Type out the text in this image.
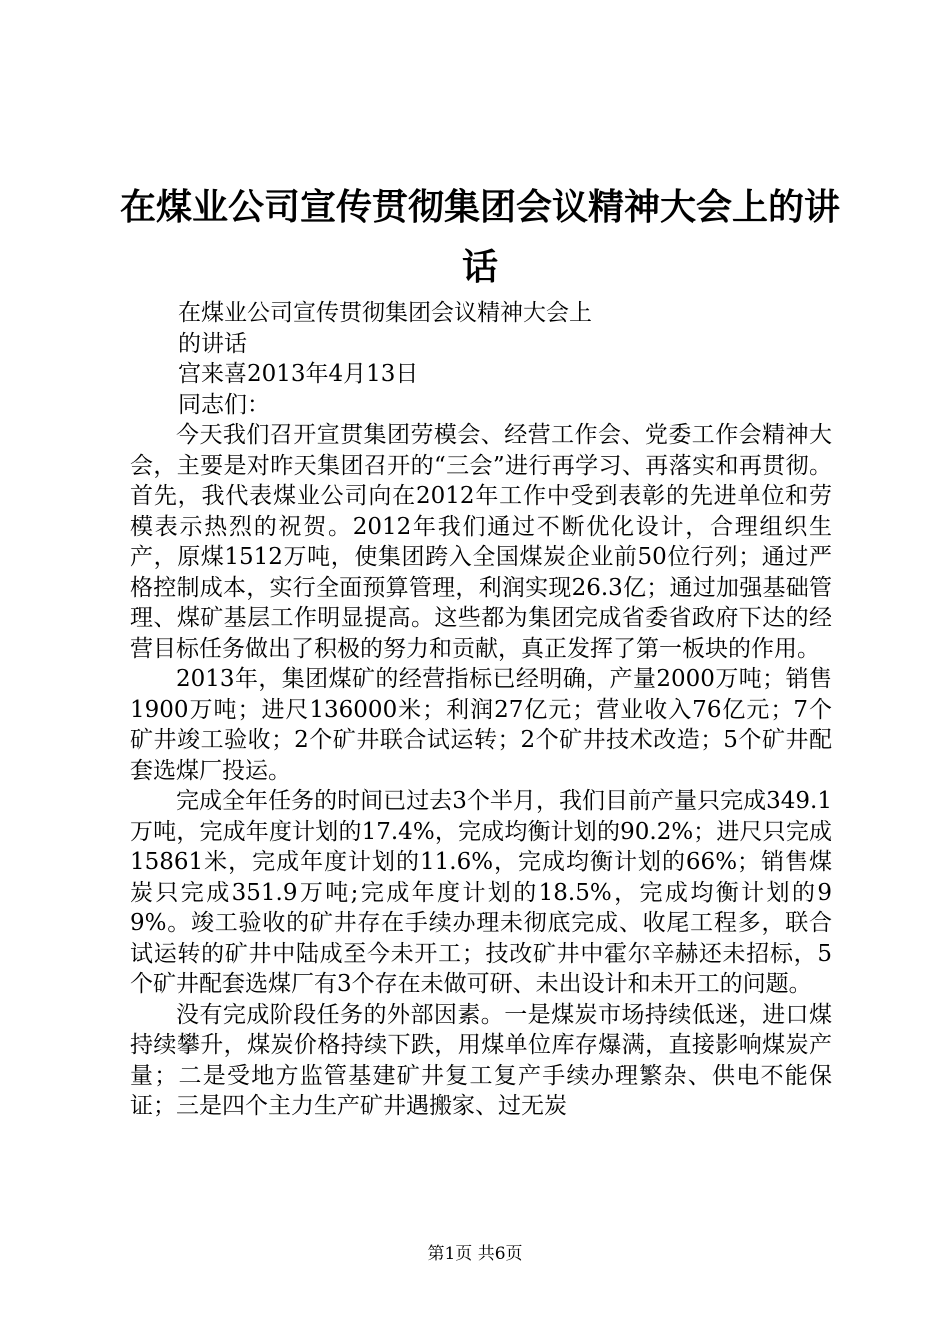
在煤业公司宣传贯彻集团会议精神大会上的讲话

在煤业公司宣传贯彻集团会议精神大会上

的讲话

宫来喜2013年4月13日

同志们：

今天我们召开宣贯集团劳模会、经营工作会、党委工作会精神大会，主要是对昨天集团召开的“三会”进行再学习、再落实和再贯彻。首先，我代表煤业公司向在2012年工作中受到表彰的先进单位和劳模表示热烈的祝贺。2012年我们通过不断优化设计，合理组织生产，原煤1512万吨，使集团跨入全国煤炭企业前50位行列；通过严格控制成本，实行全面预算管理，利润实现26.3亿；通过加强基础管理、煤矿基层工作明显提高。这些都为集团完成省委省政府下达的经营目标任务做出了积极的努力和贡献，真正发挥了第一板块的作用。

2013年，集团煤矿的经营指标已经明确，产量2000万吨；销售1900万吨；进尺136000米；利润27亿元；营业收入76亿元；7个矿井竣工验收；2个矿井联合试运转；2个矿井技术改造；5个矿井配套选煤厂投运。

完成全年任务的时间已过去3个半月，我们目前产量只完成349.1万吨，完成年度计划的17.4%，完成均衡计划的90.2%；进尺只完成15861米，完成年度计划的11.6%，完成均衡计划的66%；销售煤炭只完成351.9万吨;完成年度计划的18.5%，完成均衡计划的99%。竣工验收的矿井存在手续办理未彻底完成、收尾工程多，联合试运转的矿井中陆成至今未开工；技改矿井中霍尔辛赫还未招标，5个矿井配套选煤厂有3个存在未做可研、未出设计和未开工的问题。

没有完成阶段任务的外部因素。一是煤炭市场持续低迷，进口煤持续攀升，煤炭价格持续下跌，用煤单位库存爆满，直接影响煤炭产量；二是受地方监管基建矿井复工复产手续办理繁杂、供电不能保证；三是四个主力生产矿井遇搬家、过无炭

第1页 共6页
